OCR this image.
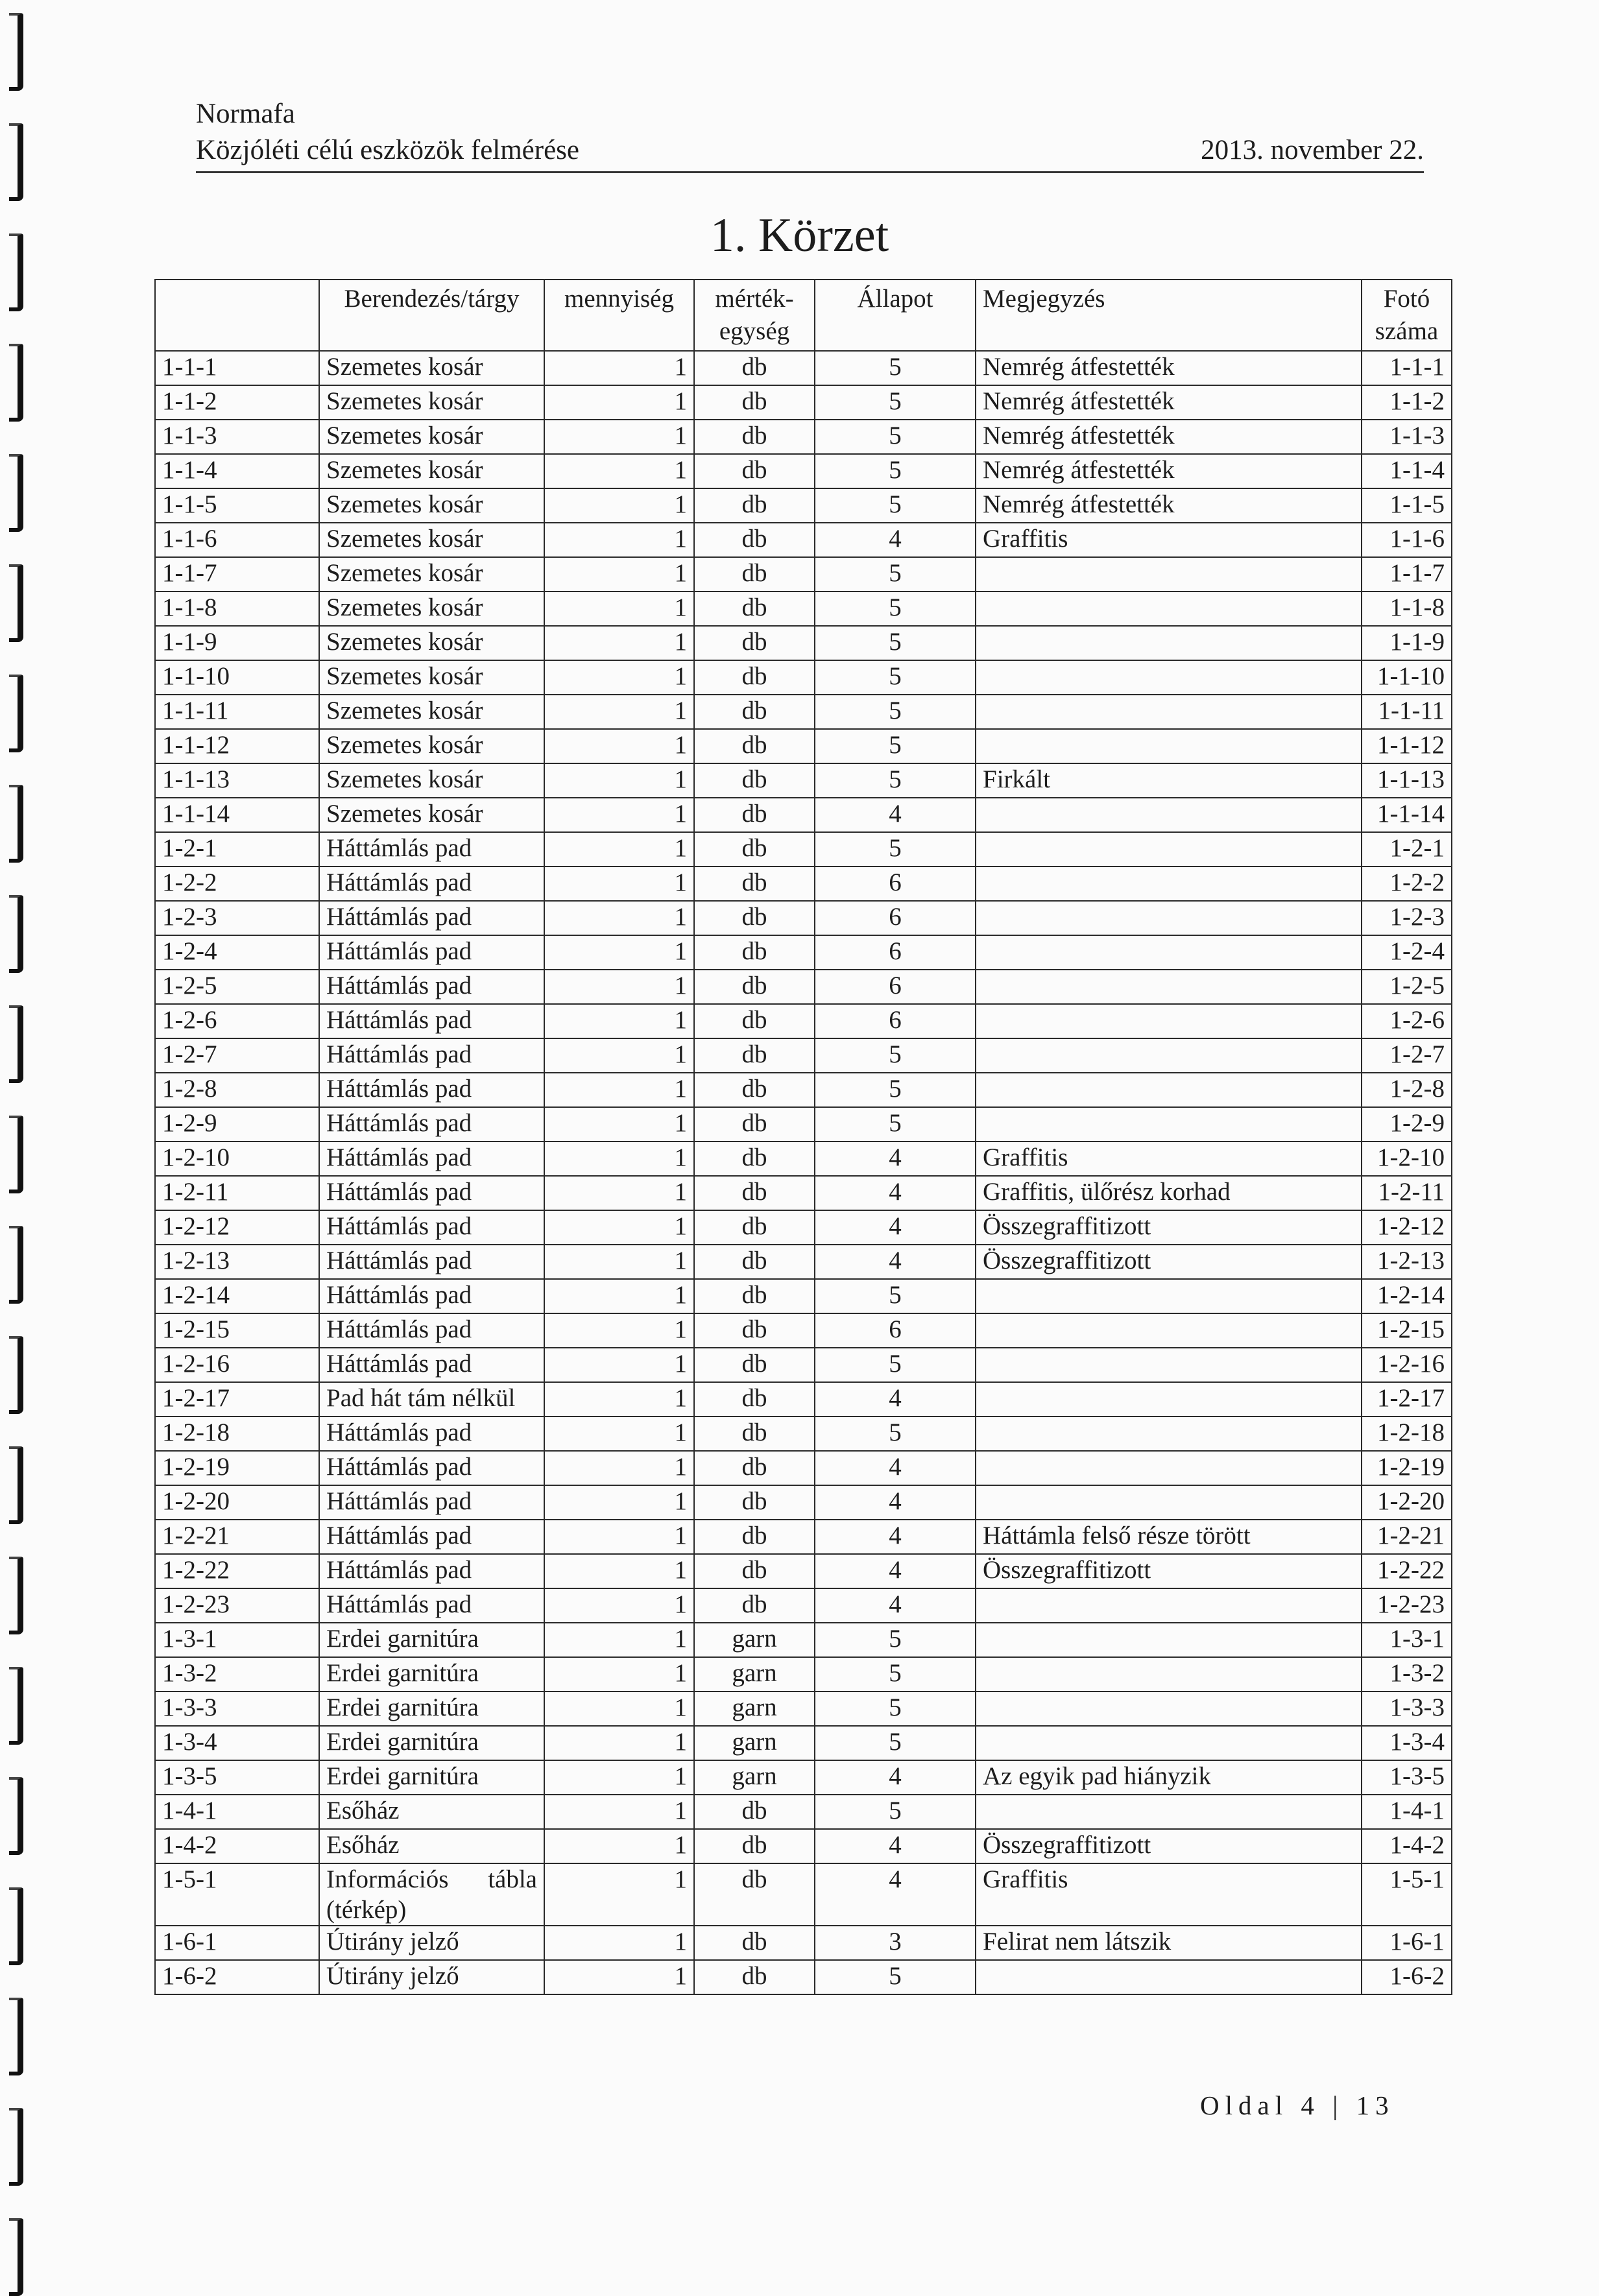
Normafa
Közjóléti célú eszközök felmérése	2013. november 22.
1. Körzet
	Berendezés/tárgy	mennyiség	mérték-egység	Állapot	Megjegyzés	Fotó száma
1-1-1	Szemetes kosár	1	db	5	Nemrég átfestették	1-1-1
1-1-2	Szemetes kosár	1	db	5	Nemrég átfestették	1-1-2
1-1-3	Szemetes kosár	1	db	5	Nemrég átfestették	1-1-3
1-1-4	Szemetes kosár	1	db	5	Nemrég átfestették	1-1-4
1-1-5	Szemetes kosár	1	db	5	Nemrég átfestették	1-1-5
1-1-6	Szemetes kosár	1	db	4	Graffitis	1-1-6
1-1-7	Szemetes kosár	1	db	5		1-1-7
1-1-8	Szemetes kosár	1	db	5		1-1-8
1-1-9	Szemetes kosár	1	db	5		1-1-9
1-1-10	Szemetes kosár	1	db	5		1-1-10
1-1-11	Szemetes kosár	1	db	5		1-1-11
1-1-12	Szemetes kosár	1	db	5		1-1-12
1-1-13	Szemetes kosár	1	db	5	Firkált	1-1-13
1-1-14	Szemetes kosár	1	db	4		1-1-14
1-2-1	Háttámlás pad	1	db	5		1-2-1
1-2-2	Háttámlás pad	1	db	6		1-2-2
1-2-3	Háttámlás pad	1	db	6		1-2-3
1-2-4	Háttámlás pad	1	db	6		1-2-4
1-2-5	Háttámlás pad	1	db	6		1-2-5
1-2-6	Háttámlás pad	1	db	6		1-2-6
1-2-7	Háttámlás pad	1	db	5		1-2-7
1-2-8	Háttámlás pad	1	db	5		1-2-8
1-2-9	Háttámlás pad	1	db	5		1-2-9
1-2-10	Háttámlás pad	1	db	4	Graffitis	1-2-10
1-2-11	Háttámlás pad	1	db	4	Graffitis, ülőrész korhad	1-2-11
1-2-12	Háttámlás pad	1	db	4	Összegraffitizott	1-2-12
1-2-13	Háttámlás pad	1	db	4	Összegraffitizott	1-2-13
1-2-14	Háttámlás pad	1	db	5		1-2-14
1-2-15	Háttámlás pad	1	db	6		1-2-15
1-2-16	Háttámlás pad	1	db	5		1-2-16
1-2-17	Pad hát tám nélkül	1	db	4		1-2-17
1-2-18	Háttámlás pad	1	db	5		1-2-18
1-2-19	Háttámlás pad	1	db	4		1-2-19
1-2-20	Háttámlás pad	1	db	4		1-2-20
1-2-21	Háttámlás pad	1	db	4	Háttámla felső része törött	1-2-21
1-2-22	Háttámlás pad	1	db	4	Összegraffitizott	1-2-22
1-2-23	Háttámlás pad	1	db	4		1-2-23
1-3-1	Erdei garnitúra	1	garn	5		1-3-1
1-3-2	Erdei garnitúra	1	garn	5		1-3-2
1-3-3	Erdei garnitúra	1	garn	5		1-3-3
1-3-4	Erdei garnitúra	1	garn	5		1-3-4
1-3-5	Erdei garnitúra	1	garn	4	Az egyik pad hiányzik	1-3-5
1-4-1	Esőház	1	db	5		1-4-1
1-4-2	Esőház	1	db	4	Összegraffitizott	1-4-2
1-5-1	Információs tábla (térkép)	1	db	4	Graffitis	1-5-1
1-6-1	Útirány jelző	1	db	3	Felirat nem látszik	1-6-1
1-6-2	Útirány jelző	1	db	5		1-6-2
Oldal 4 | 13
